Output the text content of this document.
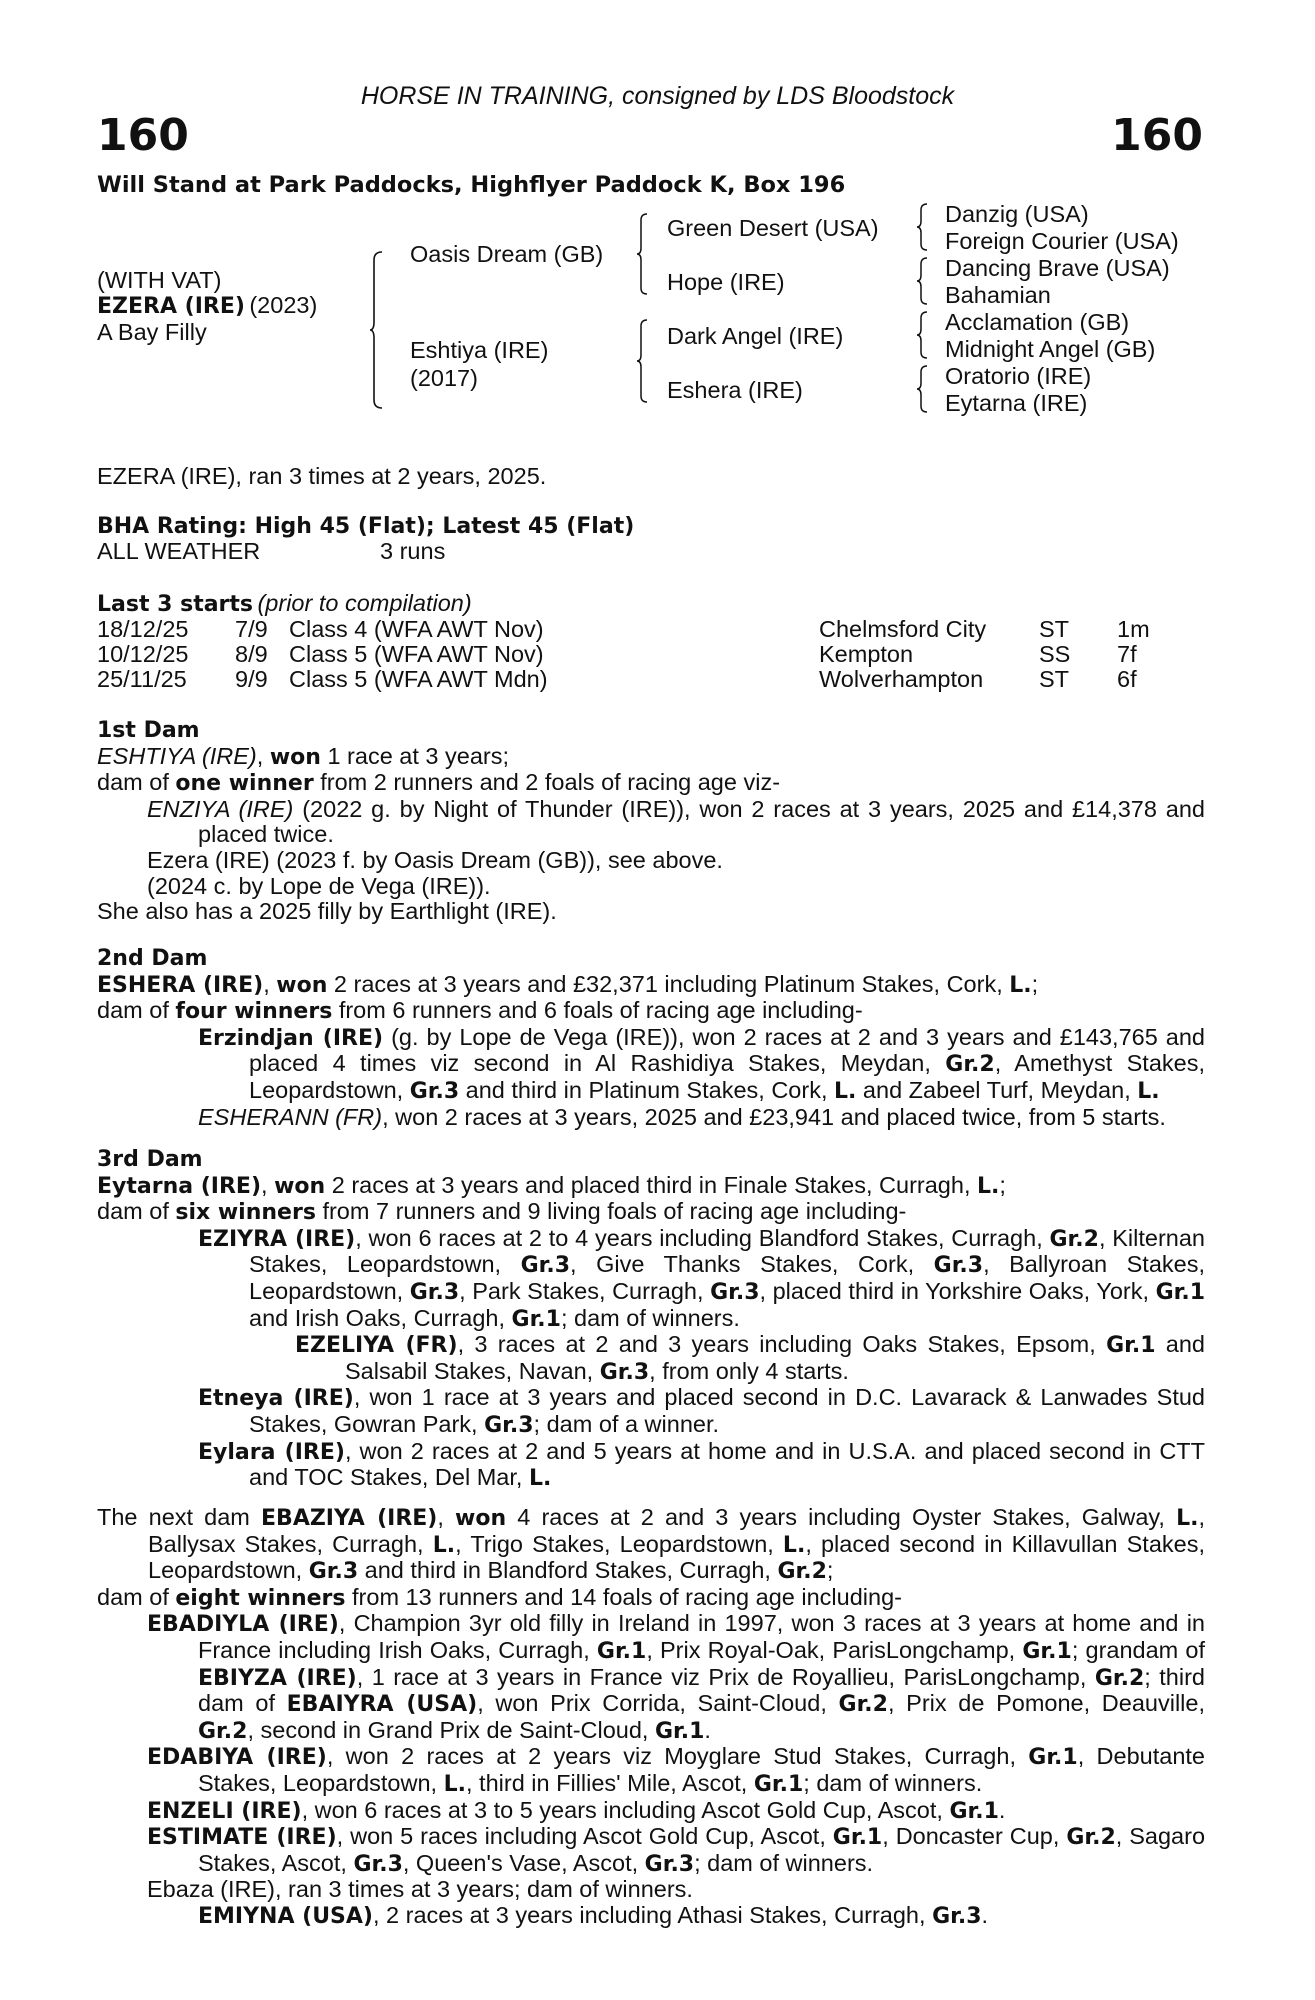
HORSE IN TRAINING, consigned by LDS Bloodstock
160	160
Will Stand at Park Paddocks, Highflyer Paddock K, Box 196
(WITH VAT)
EZERA (IRE) (2023)
A Bay Filly
Oasis Dream (GB)
Eshtiya (IRE)
(2017)
Green Desert (USA)
Hope (IRE)
Dark Angel (IRE)
Eshera (IRE)
Danzig (USA)
Foreign Courier (USA)
Dancing Brave (USA)
Bahamian
Acclamation (GB)
Midnight Angel (GB)
Oratorio (IRE)
Eytarna (IRE)
EZERA (IRE), ran 3 times at 2 years, 2025.
BHA Rating: High 45 (Flat); Latest 45 (Flat)
ALL WEATHER	3 runs
Last 3 starts (prior to compilation)
18/12/25 7/9 Class 4 (WFA AWT Nov)	Chelmsford City ST 1m
10/12/25 8/9 Class 5 (WFA AWT Nov)	Kempton	SS 7f
25/11/25 9/9 Class 5 (WFA AWT Mdn)	Wolverhampton ST 6f

1st Dam

ESHTIYA (IRE), won 1 race at 3 years;

dam of one winner from 2 runners and 2 foals of racing age viz-

ENZIYA (IRE) (2022 g. by Night of Thunder (IRE)), won 2 races at 3 years, 2025 and £14,378 and placed twice.

Ezera (IRE) (2023 f. by Oasis Dream (GB)), see above.

(2024 c. by Lope de Vega (IRE)).

She also has a 2025 filly by Earthlight (IRE).

2nd Dam

ESHERA (IRE), won 2 races at 3 years and £32,371 including Platinum Stakes, Cork, L.;

dam of four winners from 6 runners and 6 foals of racing age including-

Erzindjan (IRE) (g. by Lope de Vega (IRE)), won 2 races at 2 and 3 years and £143,765 and placed 4 times viz second in Al Rashidiya Stakes, Meydan, Gr.2, Amethyst Stakes, Leopardstown, Gr.3 and third in Platinum Stakes, Cork, L. and Zabeel Turf, Meydan, L.

ESHERANN (FR), won 2 races at 3 years, 2025 and £23,941 and placed twice, from 5 starts.

3rd Dam

Eytarna (IRE), won 2 races at 3 years and placed third in Finale Stakes, Curragh, L.;

dam of six winners from 7 runners and 9 living foals of racing age including-

EZIYRA (IRE), won 6 races at 2 to 4 years including Blandford Stakes, Curragh, Gr.2, Kilternan Stakes, Leopardstown, Gr.3, Give Thanks Stakes, Cork, Gr.3, Ballyroan Stakes, Leopardstown, Gr.3, Park Stakes, Curragh, Gr.3, placed third in Yorkshire Oaks, York, Gr.1 and Irish Oaks, Curragh, Gr.1; dam of winners.

EZELIYA (FR), 3 races at 2 and 3 years including Oaks Stakes, Epsom, Gr.1 and Salsabil Stakes, Navan, Gr.3, from only 4 starts.

Etneya (IRE), won 1 race at 3 years and placed second in D.C. Lavarack & Lanwades Stud Stakes, Gowran Park, Gr.3; dam of a winner.

Eylara (IRE), won 2 races at 2 and 5 years at home and in U.S.A. and placed second in CTT and TOC Stakes, Del Mar, L.

The next dam EBAZIYA (IRE), won 4 races at 2 and 3 years including Oyster Stakes, Galway, L., Ballysax Stakes, Curragh, L., Trigo Stakes, Leopardstown, L., placed second in Killavullan Stakes, Leopardstown, Gr.3 and third in Blandford Stakes, Curragh, Gr.2;

dam of eight winners from 13 runners and 14 foals of racing age including-

EBADIYLA (IRE), Champion 3yr old filly in Ireland in 1997, won 3 races at 3 years at home and in France including Irish Oaks, Curragh, Gr.1, Prix Royal-Oak, ParisLongchamp, Gr.1; grandam of EBIYZA (IRE), 1 race at 3 years in France viz Prix de Royallieu, ParisLongchamp, Gr.2; third dam of EBAIYRA (USA), won Prix Corrida, Saint-Cloud, Gr.2, Prix de Pomone, Deauville, Gr.2, second in Grand Prix de Saint-Cloud, Gr.1.

EDABIYA (IRE), won 2 races at 2 years viz Moyglare Stud Stakes, Curragh, Gr.1, Debutante Stakes, Leopardstown, L., third in Fillies' Mile, Ascot, Gr.1; dam of winners.

ENZELI (IRE), won 6 races at 3 to 5 years including Ascot Gold Cup, Ascot, Gr.1.

ESTIMATE (IRE), won 5 races including Ascot Gold Cup, Ascot, Gr.1, Doncaster Cup, Gr.2, Sagaro Stakes, Ascot, Gr.3, Queen's Vase, Ascot, Gr.3; dam of winners.

Ebaza (IRE), ran 3 times at 3 years; dam of winners.

EMIYNA (USA), 2 races at 3 years including Athasi Stakes, Curragh, Gr.3.
